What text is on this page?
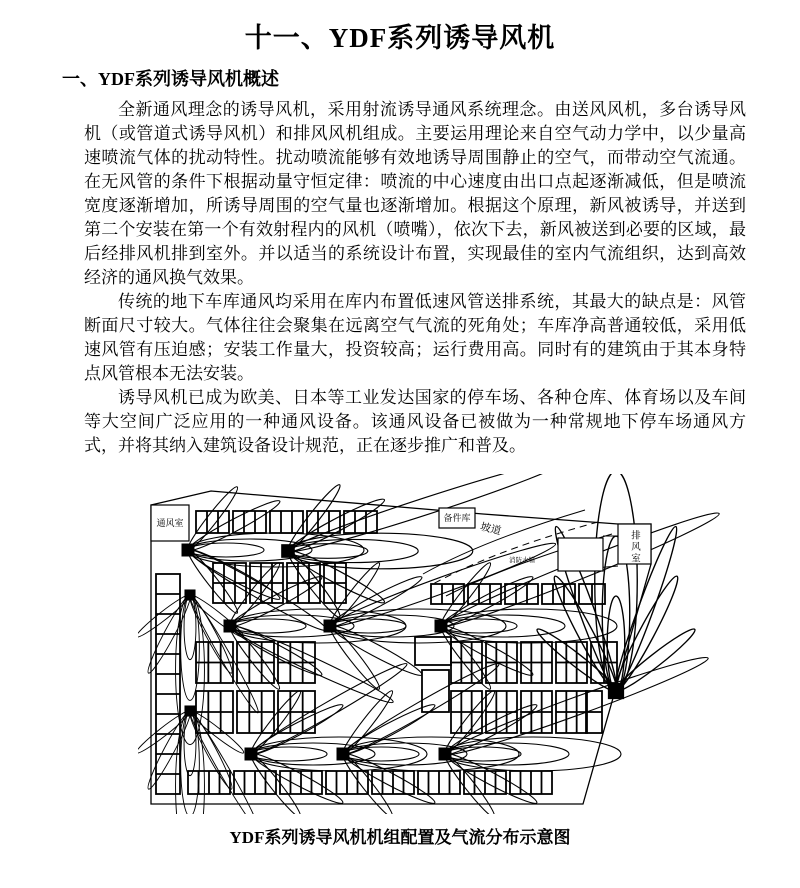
十一、YDF系列诱导风机
一、YDF系列诱导风机概述

全新通风理念的诱导风机，采用射流诱导通风系统理念。由送风风机，多台诱导风机（或管道式诱导风机）和排风风机组成。主要运用理论来自空气动力学中，以少量高速喷流气体的扰动特性。扰动喷流能够有效地诱导周围静止的空气，而带动空气流通。在无风管的条件下根据动量守恒定律：喷流的中心速度由出口点起逐渐减低，但是喷流宽度逐渐增加，所诱导周围的空气量也逐渐增加。根据这个原理，新风被诱导，并送到第二个安装在第一个有效射程内的风机（喷嘴），依次下去，新风被送到必要的区域，最后经排风机排到室外。并以适当的系统设计布置，实现最佳的室内气流组织，达到高效经济的通风换气效果。

传统的地下车库通风均采用在库内布置低速风管送排系统，其最大的缺点是：风管断面尺寸较大。气体往往会聚集在远离空气气流的死角处；车库净高普通较低，采用低速风管有压迫感；安装工作量大，投资较高；运行费用高。同时有的建筑由于其本身特点风管根本无法安装。

诱导风机已成为欧美、日本等工业发达国家的停车场、各种仓库、体育场以及车间等大空间广泛应用的一种通风设备。该通风设备已被做为一种常规地下停车场通风方式，并将其纳入建筑设备设计规范，正在逐步推广和普及。

通风室	备件库
坡道
消防水箱	排风室
YDF系列诱导风机机组配置及气流分布示意图
